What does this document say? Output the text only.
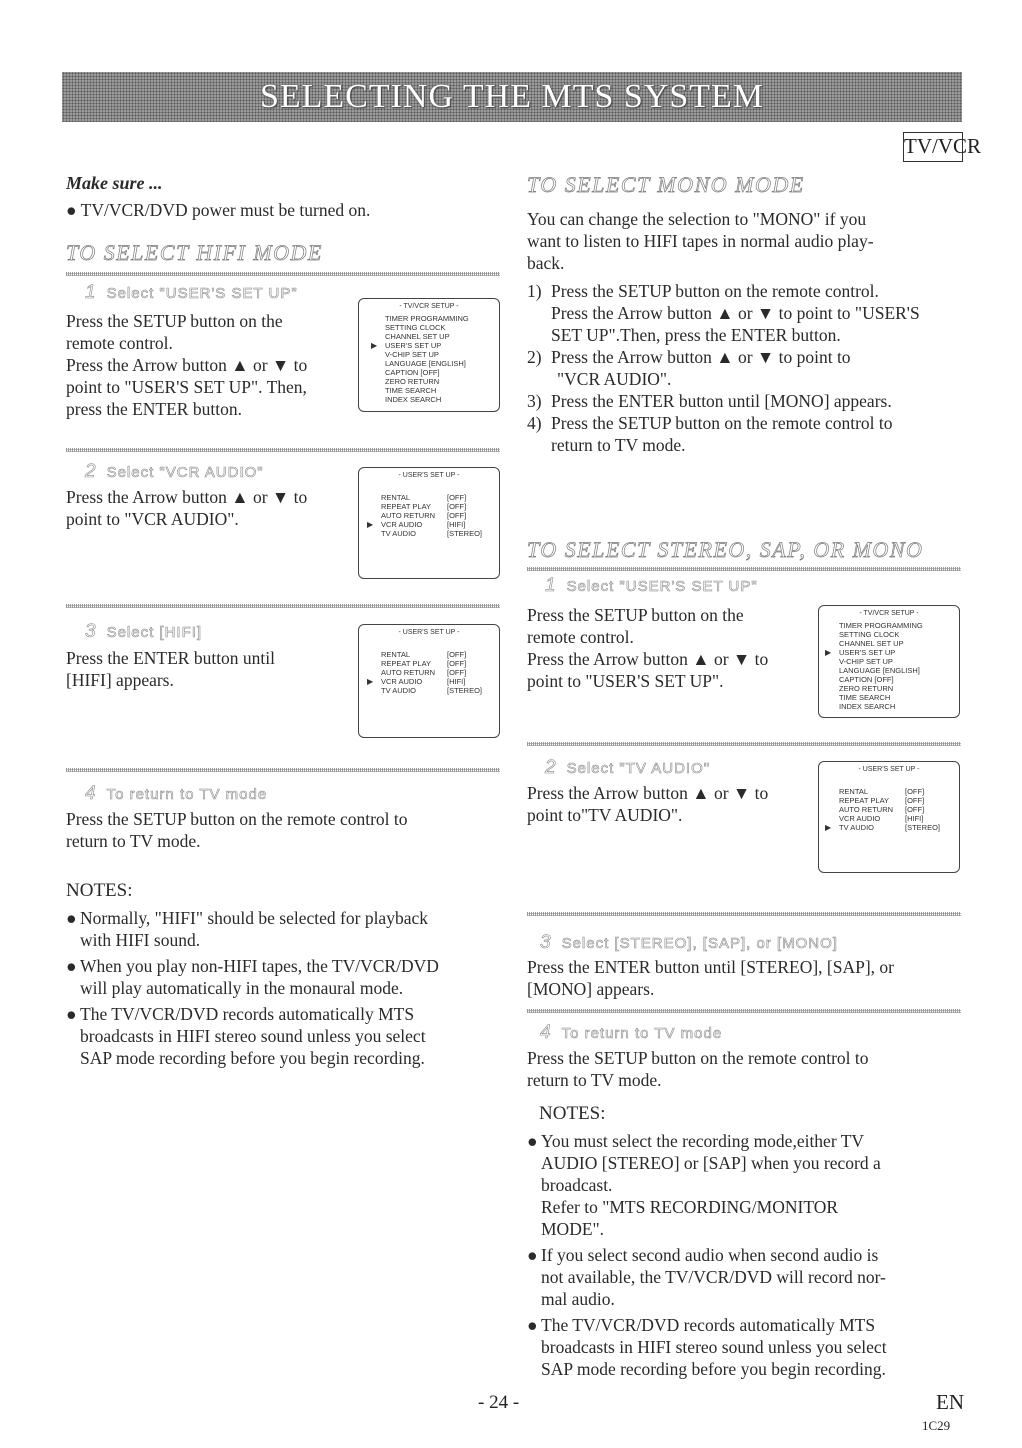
SELECTING THE MTS SYSTEM
TV/VCR
Make sure ...
● TV/VCR/DVD power must be turned on.
TO SELECT HIFI MODE
1 Select "USER'S SET UP"
Press the SETUP button on the
remote control.
Press the Arrow button ▲ or ▼ to
point to "USER'S SET UP". Then,
press the ENTER button.
- TV/VCR SETUP -
TIMER PROGRAMMING
SETTING CLOCK
CHANNEL SET UP
▶ USER'S SET UP
V-CHIP SET UP
LANGUAGE [ENGLISH]
CAPTION [OFF]
ZERO RETURN
TIME SEARCH
INDEX SEARCH
2 Select "VCR AUDIO"
Press the Arrow button ▲ or ▼ to
point to "VCR AUDIO".
- USER'S SET UP -
RENTAL	[OFF]
REPEAT PLAY	[OFF]
AUTO RETURN	[OFF]
▶ VCR AUDIO	[HIFI]
TV AUDIO	[STEREO]
3 Select [HIFI]
Press the ENTER button until
[HIFI] appears.
- USER'S SET UP -
RENTAL	[OFF]
REPEAT PLAY	[OFF]
AUTO RETURN	[OFF]
▶ VCR AUDIO	[HIFI]
TV AUDIO	[STEREO]
4 To return to TV mode
Press the SETUP button on the remote control to
return to TV mode.
NOTES:
● Normally, "HIFI" should be selected for playback
with HIFI sound.
● When you play non-HIFI tapes, the TV/VCR/DVD
will play automatically in the monaural mode.
● The TV/VCR/DVD records automatically MTS
broadcasts in HIFI stereo sound unless you select
SAP mode recording before you begin recording.
TO SELECT MONO MODE
You can change the selection to "MONO" if you
want to listen to HIFI tapes in normal audio play-
back.
1) Press the SETUP button on the remote control.
Press the Arrow button ▲ or ▼ to point to "USER'S
SET UP".Then, press the ENTER button.
2) Press the Arrow button ▲ or ▼ to point to
"VCR AUDIO".
3) Press the ENTER button until [MONO] appears.
4) Press the SETUP button on the remote control to
return to TV mode.
TO SELECT STEREO, SAP, OR MONO
1 Select "USER'S SET UP"
Press the SETUP button on the
remote control.
Press the Arrow button ▲ or ▼ to
point to "USER'S SET UP".
- TV/VCR SETUP -
TIMER PROGRAMMING
SETTING CLOCK
CHANNEL SET UP
▶ USER'S SET UP
V-CHIP SET UP
LANGUAGE [ENGLISH]
CAPTION [OFF]
ZERO RETURN
TIME SEARCH
INDEX SEARCH
2 Select "TV AUDIO"
Press the Arrow button ▲ or ▼ to
point to"TV AUDIO".
- USER'S SET UP -
RENTAL	[OFF]
REPEAT PLAY	[OFF]
AUTO RETURN	[OFF]
VCR AUDIO	[HIFI]
▶ TV AUDIO	[STEREO]
3 Select [STEREO], [SAP], or [MONO]
Press the ENTER button until [STEREO], [SAP], or
[MONO] appears.
4 To return to TV mode
Press the SETUP button on the remote control to
return to TV mode.
NOTES:
● You must select the recording mode,either TV
AUDIO [STEREO] or [SAP] when you record a
broadcast.
Refer to "MTS RECORDING/MONITOR
MODE".
● If you select second audio when second audio is
not available, the TV/VCR/DVD will record nor-
mal audio.
● The TV/VCR/DVD records automatically MTS
broadcasts in HIFI stereo sound unless you select
SAP mode recording before you begin recording.
- 24 -	EN
1C29
